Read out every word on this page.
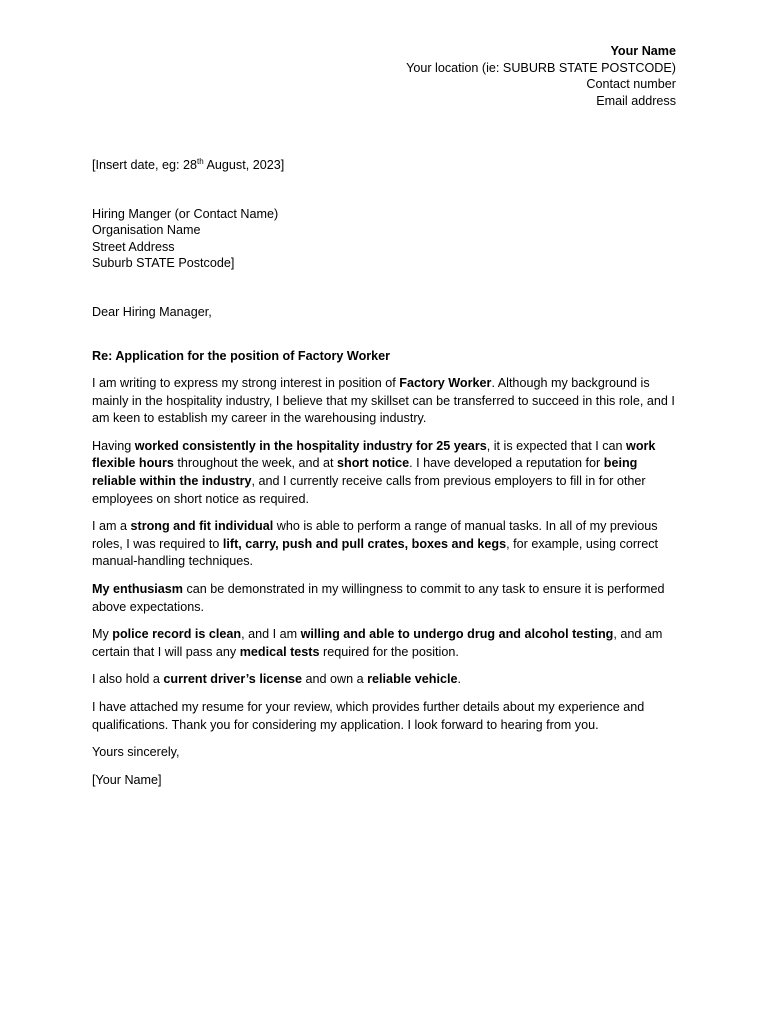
Your Name
Your location (ie: SUBURB STATE POSTCODE)
Contact number
Email address
[Insert date, eg: 28th August, 2023]
Hiring Manger (or Contact Name)
Organisation Name
Street Address
Suburb STATE Postcode]
Dear Hiring Manager,
Re: Application for the position of Factory Worker

I am writing to express my strong interest in position of Factory Worker. Although my background is mainly in the hospitality industry, I believe that my skillset can be transferred to succeed in this role, and I am keen to establish my career in the warehousing industry.

Having worked consistently in the hospitality industry for 25 years, it is expected that I can work flexible hours throughout the week, and at short notice. I have developed a reputation for being reliable within the industry, and I currently receive calls from previous employers to fill in for other employees on short notice as required.

I am a strong and fit individual who is able to perform a range of manual tasks. In all of my previous roles, I was required to lift, carry, push and pull crates, boxes and kegs, for example, using correct manual-handling techniques.

My enthusiasm can be demonstrated in my willingness to commit to any task to ensure it is performed above expectations.

My police record is clean, and I am willing and able to undergo drug and alcohol testing, and am certain that I will pass any medical tests required for the position.

I also hold a current driver’s license and own a reliable vehicle.

I have attached my resume for your review, which provides further details about my experience and qualifications. Thank you for considering my application. I look forward to hearing from you.

Yours sincerely,

[Your Name]
